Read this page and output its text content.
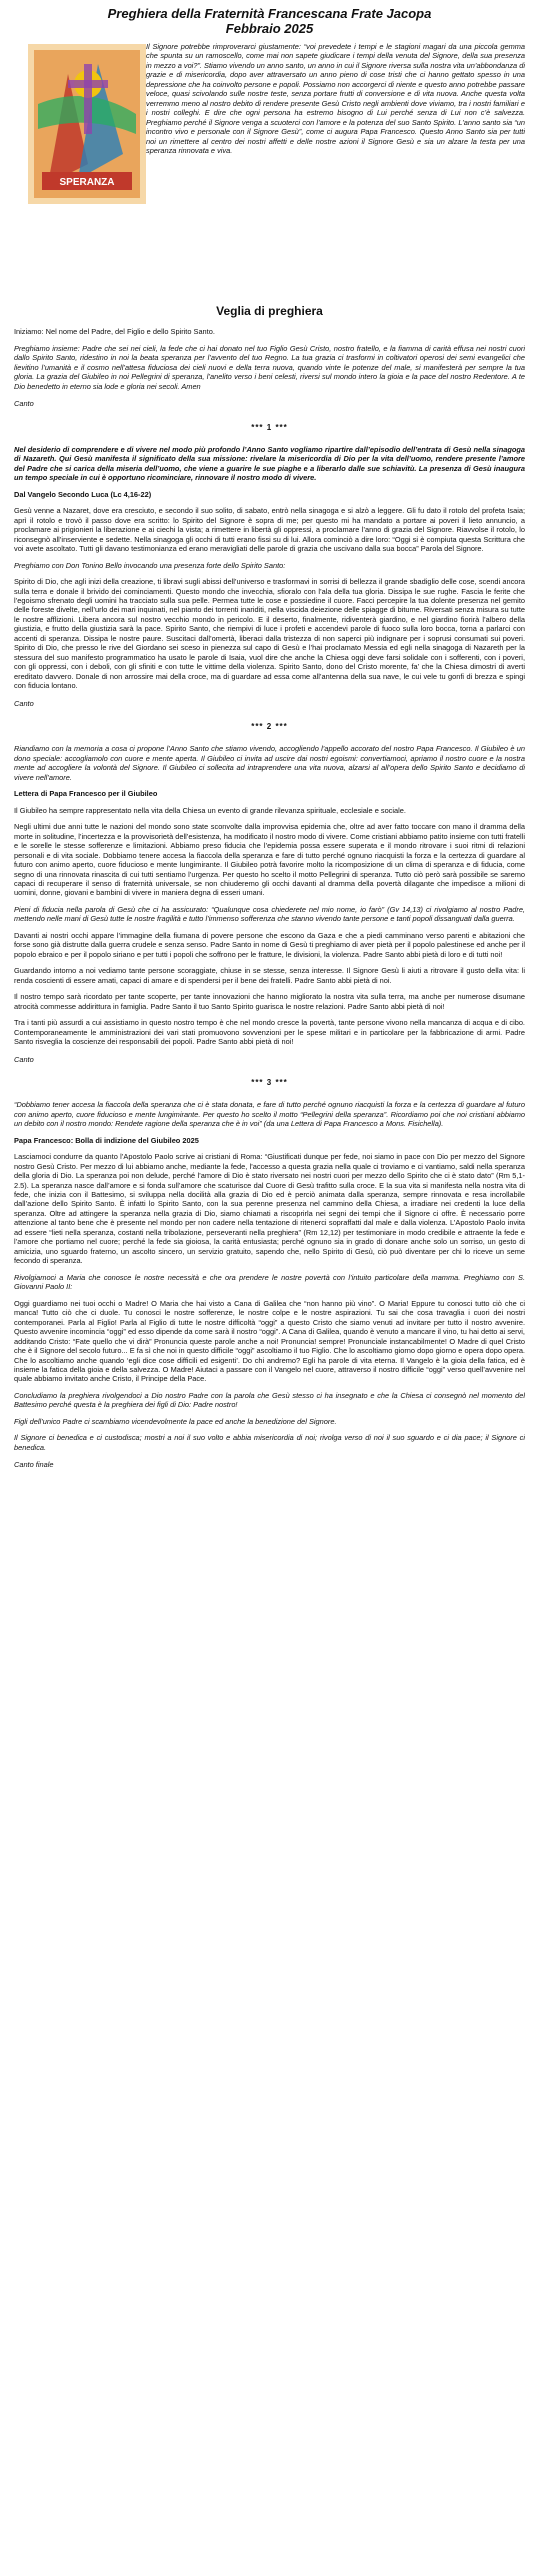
Preghiera della Fraternità Francescana Frate Jacopa
Febbraio 2025
SPERANZA
Il Signore potrebbe rimproverarci giustamente: “voi prevedete i tempi e le stagioni magari da una piccola gemma che spunta su un ramoscello, come mai non sapete giudicare i tempi della venuta del Signore, della sua presenza in mezzo a voi?”. Stiamo vivendo un anno santo, un anno in cui il Signore riversa sulla nostra vita un’abbondanza di grazie e di misericordia, dopo aver attraversato un anno pieno di cose tristi che ci hanno gettato spesso in una depressione che ha coinvolto persone e popoli. Possiamo non accorgerci di niente e questo anno potrebbe passare veloce, quasi scivolando sulle nostre teste, senza portare frutti di conversione e di vita nuova. Anche questa volta verremmo meno al nostro debito di rendere presente Gesù Cristo negli ambienti dove viviamo, tra i nostri familiari e i nostri colleghi. E dire che ogni persona ha estremo bisogno di Lui perché senza di Lui non c’è salvezza. Preghiamo perché il Signore venga a scuoterci con l’amore e la potenza del suo Santo Spirito. L’anno santo sia “un incontro vivo e personale con il Signore Gesù”, come ci augura Papa Francesco. Questo Anno Santo sia per tutti noi un rimettere al centro dei nostri affetti e delle nostre azioni il Signore Gesù e sia un alzare la testa per una speranza rinnovata e viva.
Veglia di preghiera

Iniziamo: Nel nome del Padre, del Figlio e dello Spirito Santo.

Preghiamo insieme: Padre che sei nei cieli, la fede che ci hai donato nel tuo Figlio Gesù Cristo, nostro fratello, e la fiamma di carità effusa nei nostri cuori dallo Spirito Santo, ridestino in noi la beata speranza per l’avvento del tuo Regno. La tua grazia ci trasformi in coltivatori operosi dei semi evangelici che lievitino l’umanità e il cosmo nell’attesa fiduciosa dei cieli nuovi e della terra nuova, quando vinte le potenze del male, si manifesterà per sempre la tua gloria. La grazia del Giubileo in noi Pellegrini di speranza, l’anelito verso i beni celesti, riversi sul mondo intero la gioia e la pace del nostro Redentore. A te Dio benedetto in eterno sia lode e gloria nei secoli. Amen

Canto
*** 1 ***

Nel desiderio di comprendere e di vivere nel modo più profondo l’Anno Santo vogliamo ripartire dall’episodio dell’entrata di Gesù nella sinagoga di Nazareth. Qui Gesù manifesta il significato della sua missione: rivelare la misericordia di Dio per la vita dell’uomo, rendere presente l’amore del Padre che si carica della miseria dell’uomo, che viene a guarire le sue piaghe e a liberarlo dalle sue schiavitù. La presenza di Gesù inaugura un tempo speciale in cui è opportuno ricominciare, rinnovare il nostro modo di vivere.

Dal Vangelo Secondo Luca (Lc 4,16-22)

Gesù venne a Nazaret, dove era cresciuto, e secondo il suo solito, di sabato, entrò nella sinagoga e si alzò a leggere. Gli fu dato il rotolo del profeta Isaia; aprì il rotolo e trovò il passo dove era scritto: lo Spirito del Signore è sopra di me; per questo mi ha mandato a portare ai poveri il lieto annuncio, a proclamare ai prigionieri la liberazione e ai ciechi la vista; a rimettere in libertà gli oppressi, a proclamare l’anno di grazia del Signore. Riavvolse il rotolo, lo riconsegnò all’inserviente e sedette. Nella sinagoga gli occhi di tutti erano fissi su di lui. Allora cominciò a dire loro: “Oggi si è compiuta questa Scrittura che voi avete ascoltato. Tutti gli davano testimonianza ed erano meravigliati delle parole di grazia che uscivano dalla sua bocca” Parola del Signore.

Preghiamo con Don Tonino Bello invocando una presenza forte dello Spirito Santo:

Spirito di Dio, che agli inizi della creazione, ti libravi sugli abissi dell’universo e trasformavi in sorrisi di bellezza il grande sbadiglio delle cose, scendi ancora sulla terra e donale il brivido dei cominciamenti. Questo mondo che invecchia, sfioralo con l’ala della tua gloria. Dissipa le sue rughe. Fascia le ferite che l’egoismo sfrenato degli uomini ha tracciato sulla sua pelle. Permea tutte le cose e possiedine il cuore. Facci percepire la tua dolente presenza nel gemito delle foreste divelte, nell’urlo dei mari inquinati, nel pianto dei torrenti inariditi, nella viscida deiezione delle spiagge di bitume. Riversati senza misura su tutte le nostre afflizioni. Libera ancora sul nostro vecchio mondo in pericolo. E il deserto, finalmente, ridiventerà giardino, e nel giardino fiorirà l’albero della giustizia, e frutto della giustizia sarà la pace. Spirito Santo, che riempivi di luce i profeti e accendevi parole di fuoco sulla loro bocca, torna a parlarci con accenti di speranza. Dissipa le nostre paure. Suscitaci dall’omertà, liberaci dalla tristezza di non saperci più indignare per i soprusi consumati sui poveri. Spirito di Dio, che presso le rive del Giordano sei sceso in pienezza sul capo di Gesù e l’hai proclamato Messia ed egli nella sinagoga di Nazareth per la stessura del suo manifesto programmatico ha usato le parole di Isaia, vuol dire che anche la Chiesa oggi deve farsi solidale con i sofferenti, con i poveri, con gli oppressi, con i deboli, con gli sfiniti e con tutte le vittime della violenza. Spirito Santo, dono del Cristo morente, fa’ che la Chiesa dimostri di averti ereditato davvero. Donale di non arrossire mai della croce, ma di guardare ad essa come all’antenna della sua nave, le cui vele tu gonfi di brezza e spingi con fiducia lontano.

Canto
*** 2 ***

Riandiamo con la memoria a cosa ci propone l’Anno Santo che stiamo vivendo, accogliendo l’appello accorato del nostro Papa Francesco. Il Giubileo è un dono speciale: accogliamolo con cuore e mente aperta. Il Giubileo ci invita ad uscire dai nostri egoismi: convertiamoci, apriamo il nostro cuore e la nostra mente ad accogliere la volontà del Signore. Il Giubileo ci sollecita ad intraprendere una vita nuova, alzarsi al all’opera dello Spirito Santo e decidiamo di vivere nell’amore.

Lettera di Papa Francesco per il Giubileo

Il Giubileo ha sempre rappresentato nella vita della Chiesa un evento di grande rilevanza spirituale, ecclesiale e sociale.

Negli ultimi due anni tutte le nazioni del mondo sono state sconvolte dalla improvvisa epidemia che, oltre ad aver fatto toccare con mano il dramma della morte in solitudine, l’incertezza e la provvisorietà dell’esistenza, ha modificato il nostro modo di vivere. Come cristiani abbiamo patito insieme con tutti fratelli e le sorelle le stesse sofferenze e limitazioni. Abbiamo preso fiducia che l’epidemia possa essere superata e il mondo ritrovare i suoi ritmi di relazioni personali e di vita sociale. Dobbiamo tenere accesa la fiaccola della speranza e fare di tutto perché ognuno riacquisti la forza e la certezza di guardare al futuro con animo aperto, cuore fiducioso e mente lungimirante. Il Giubileo potrà favorire molto la ricomposizione di un clima di speranza e di fiducia, come segno di una rinnovata rinascita di cui tutti sentiamo l’urgenza. Per questo ho scelto il motto Pellegrini di speranza. Tutto ciò però sarà possibile se saremo capaci di recuperare il senso di fraternità universale, se non chiuderemo gli occhi davanti al dramma della povertà dilagante che impedisce a milioni di uomini, donne, giovani e bambini di vivere in maniera degna di esseri umani.

Pieni di fiducia nella parola di Gesù che ci ha assicurato: “Qualunque cosa chiederete nel mio nome, io farò” (Gv 14,13) ci rivolgiamo al nostro Padre, mettendo nelle mani di Gesù tutte le nostre fragilità e tutto l’immenso sofferenza che stanno vivendo tante persone e tanti popoli dissanguati dalla guerra.

Davanti ai nostri occhi appare l’immagine della fiumana di povere persone che escono da Gaza e che a piedi camminano verso parenti e abitazioni che forse sono già distrutte dalla guerra crudele e senza senso. Padre Santo in nome di Gesù ti preghiamo di aver pietà per il popolo palestinese ed anche per il popolo ebraico e per il popolo siriano e per tutti i popoli che soffrono per le fratture, le divisioni, la violenza. Padre Santo abbi pietà di loro e di tutti noi!

Guardando intorno a noi vediamo tante persone scoraggiate, chiuse in se stesse, senza interesse. Il Signore Gesù li aiuti a ritrovare il gusto della vita: li renda coscienti di essere amati, capaci di amare e di spendersi per il bene dei fratelli. Padre Santo abbi pietà di noi.

Il nostro tempo sarà ricordato per tante scoperte, per tante innovazioni che hanno migliorato la nostra vita sulla terra, ma anche per numerose disumane atrocità commesse addirittura in famiglia. Padre Santo il tuo Santo Spirito guarisca le nostre relazioni. Padre Santo abbi pietà di noi!

Tra i tanti più assurdi a cui assistiamo in questo nostro tempo è che nel mondo cresce la povertà, tante persone vivono nella mancanza di acqua e di cibo. Contemporaneamente le amministrazioni dei vari stati promuovono sovvenzioni per le spese militari e in particolare per la fabbricazione di armi. Padre Santo risveglia la coscienze dei responsabili dei popoli. Padre Santo abbi pietà di noi!

Canto
*** 3 ***

“Dobbiamo tener accesa la fiaccola della speranza che ci è stata donata, e fare di tutto perché ognuno riacquisti la forza e la certezza di guardare al futuro con animo aperto, cuore fiducioso e mente lungimirante. Per questo ho scelto il motto “Pellegrini della speranza”. Ricordiamo poi che noi cristiani abbiamo un debito con il nostro mondo: Rendete ragione della speranza che è in voi” (da una Lettera di Papa Francesco a Mons. Fisichella).

Papa Francesco: Bolla di indizione del Giubileo 2025

Lasciamoci condurre da quanto l’Apostolo Paolo scrive ai cristiani di Roma: “Giustificati dunque per fede, noi siamo in pace con Dio per mezzo del Signore nostro Gesù Cristo. Per mezzo di lui abbiamo anche, mediante la fede, l’accesso a questa grazia nella quale ci troviamo e ci vantiamo, saldi nella speranza della gloria di Dio. La speranza poi non delude, perché l’amore di Dio è stato riversato nei nostri cuori per mezzo dello Spirito che ci è stato dato” (Rm 5,1-2.5). La speranza nasce dall’amore e si fonda sull’amore che scaturisce dal Cuore di Gesù trafitto sulla croce. E la sua vita si manifesta nella nostra vita di fede, che inizia con il Battesimo, si sviluppa nella docilità alla grazia di Dio ed è perciò animata dalla speranza, sempre rinnovata e resa incrollabile dall’azione dello Spirito Santo. È infatti lo Spirito Santo, con la sua perenne presenza nel cammino della Chiesa, a irradiare nei credenti la luce della speranza. Oltre ad attingere la speranza nella grazia di Dio, siamo chiamati a riscoprirla nei segni dei tempi che il Signore ci offre. È necessario porre attenzione al tanto bene che è presente nel mondo per non cadere nella tentazione di ritenerci sopraffatti dal male e dalla violenza. L’Apostolo Paolo invita ad essere “lieti nella speranza, costanti nella tribolazione, perseveranti nella preghiera” (Rm 12,12) per testimoniare in modo credibile e attraente la fede e l’amore che portiamo nel cuore; perché la fede sia gioiosa, la carità entusiasta; perché ognuno sia in grado di donare anche solo un sorriso, un gesto di amicizia, uno sguardo fraterno, un ascolto sincero, un servizio gratuito, sapendo che, nello Spirito di Gesù, ciò può diventare per chi lo riceve un seme fecondo di speranza.

Rivolgiamoci a Maria che conosce le nostre necessità e che ora prendere le nostre povertà con l’intuito particolare della mamma. Preghiamo con S. Giovanni Paolo II:

Oggi guardiamo nei tuoi occhi o Madre! O Maria che hai visto a Cana di Galilea che “non hanno più vino”. O Maria! Eppure tu conosci tutto ciò che ci manca! Tutto ciò che ci duole. Tu conosci le nostre sofferenze, le nostre colpe e le nostre aspirazioni. Tu sai che cosa travaglia i cuori dei nostri contemporanei. Parla al Figlio! Parla al Figlio di tutte le nostre difficoltà “oggi” a questo Cristo che siamo venuti ad invitare per tutto il nostro avvenire. Questo avvenire incomincia “oggi” ed esso dipende da come sarà il nostro “oggi”. A Cana di Galilea, quando è venuto a mancare il vino, tu hai detto ai servi, additando Cristo: “Fate quello che vi dirà” Pronuncia queste parole anche a noi! Pronuncia! sempre! Pronunciale instancabilmente! O Madre di quel Cristo che è il Signore del secolo futuro... E fa sì che noi in questo difficile “oggi” ascoltiamo il tuo Figlio. Che lo ascoltiamo giorno dopo giorno e opera dopo opera. Che lo ascoltiamo anche quando ‘egli dice cose difficili ed esigenti’. Do chi andremo? Egli ha parole di vita eterna. Il Vangelo è la gioia della fatica, ed è insieme la fatica della gioia e della salvezza. O Madre! Aiutaci a passare con il Vangelo nel cuore, attraverso il nostro difficile “oggi” verso quell’avvenire nel quale abbiamo invitato anche Cristo, il Principe della Pace.

Concludiamo la preghiera rivolgendoci a Dio nostro Padre con la parola che Gesù stesso ci ha insegnato e che la Chiesa ci consegnò nel momento del Battesimo perché questa è la preghiera dei figli di Dio: Padre nostro!

Figli dell’unico Padre ci scambiamo vicendevolmente la pace ed anche la benedizione del Signore.

Il Signore ci benedica e ci custodisca; mostri a noi il suo volto e abbia misericordia di noi; rivolga verso di noi il suo sguardo e ci dia pace; il Signore ci benedica.

Canto finale
